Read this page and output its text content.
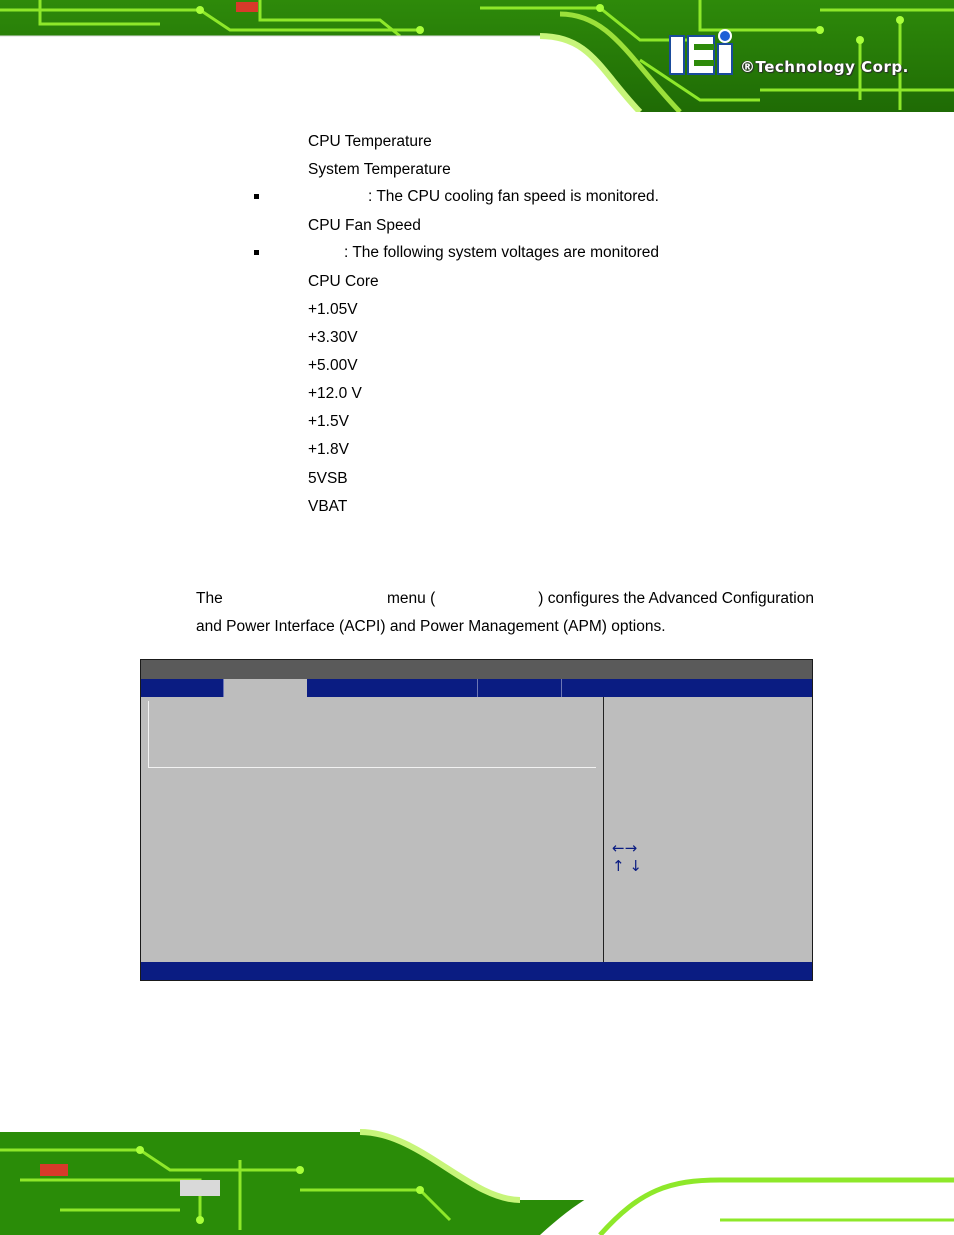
®Technology Corp.
CPU Temperature
System Temperature
: The CPU cooling fan speed is monitored.
CPU Fan Speed
: The following system voltages are monitored
CPU Core
+1.05V
+3.30V
+5.00V
+12.0 V
+1.5V
+1.8V
5VSB
VBAT
The	menu (	) configures the Advanced Configuration
and Power Interface (ACPI) and Power Management (APM) options.
←→
↑ ↓
